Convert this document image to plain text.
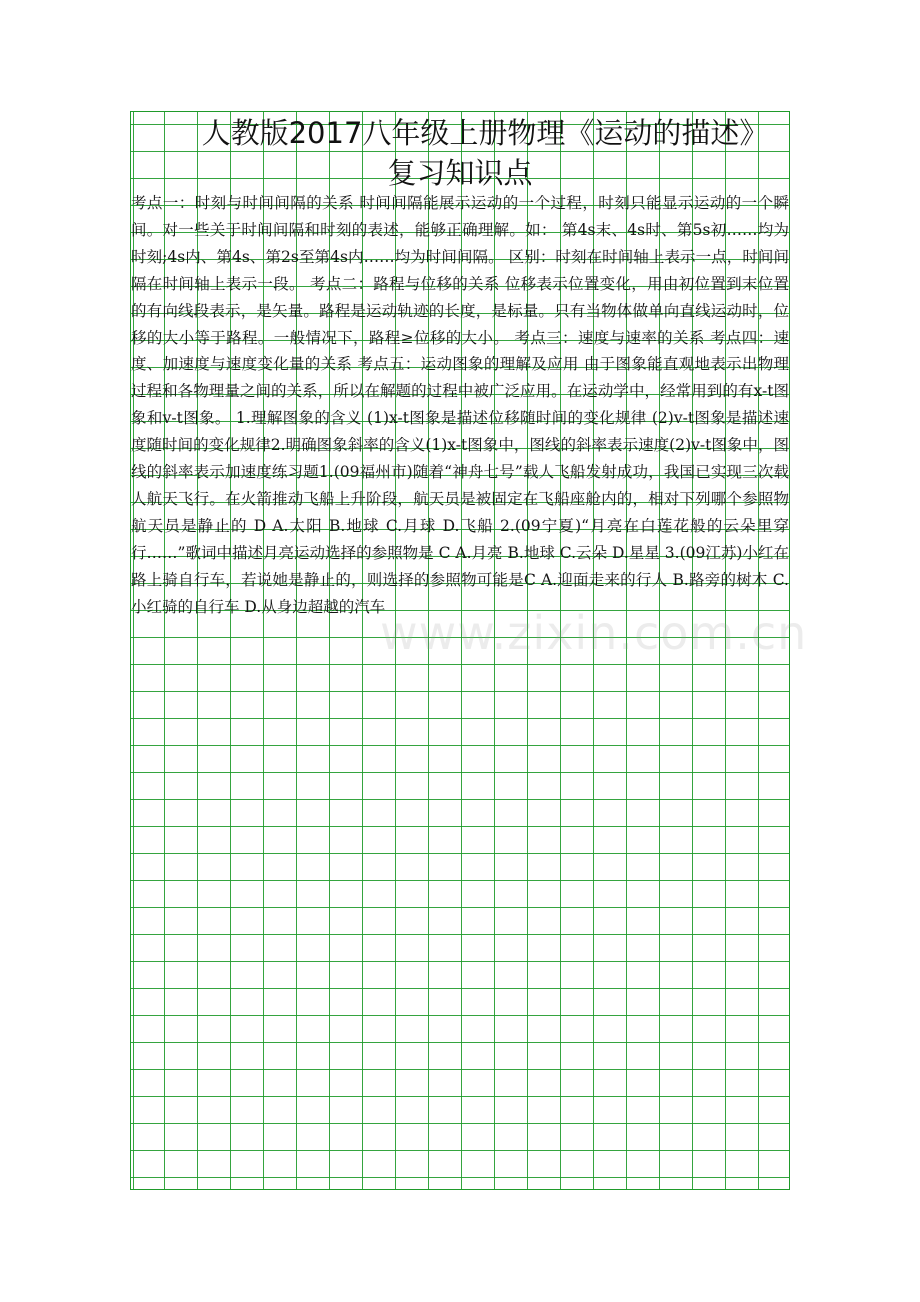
人教版2017八年级上册物理《运动的描述》
复习知识点

考点一：时刻与时间间隔的关系 时间间隔能展示运动的一个过程，时刻只能显示运动的一个瞬间。对一些关于时间间隔和时刻的表述，能够正确理解。如： 第4s末、4s时、第5s初……均为时刻;4s内、第4s、第2s至第4s内……均为时间间隔。 区别：时刻在时间轴上表示一点，时间间隔在时间轴上表示一段。 考点二：路程与位移的关系 位移表示位置变化，用由初位置到末位置的有向线段表示，是矢量。路程是运动轨迹的长度，是标量。只有当物体做单向直线运动时，位移的大小等于路程。一般情况下，路程≥位移的大小。 考点三：速度与速率的关系 考点四：速度、加速度与速度变化量的关系 考点五：运动图象的理解及应用 由于图象能直观地表示出物理过程和各物理量之间的关系，所以在解题的过程中被广泛应用。在运动学中，经常用到的有x-t图象和v-t图象。 1.理解图象的含义 (1)x-t图象是描述位移随时间的变化规律 (2)v-t图象是描述速度随时间的变化规律2.明确图象斜率的含义(1)x-t图象中，图线的斜率表示速度(2)v-t图象中，图线的斜率表示加速度练习题1.(09福州市)随着“神舟七号”载人飞船发射成功，我国已实现三次载人航天飞行。在火箭推动飞船上升阶段，航天员是被固定在飞船座舱内的，相对下列哪个参照物航天员是静止的 D A.太阳 B.地球 C.月球 D.飞船 2.(09宁夏)“月亮在白莲花般的云朵里穿行……”歌词中描述月亮运动选择的参照物是 C A.月亮 B.地球 C.云朵 D.星星 3.(09江苏)小红在路上骑自行车，若说她是静止的，则选择的参照物可能是C A.迎面走来的行人 B.路旁的树木 C.小红骑的自行车 D.从身边超越的汽车
